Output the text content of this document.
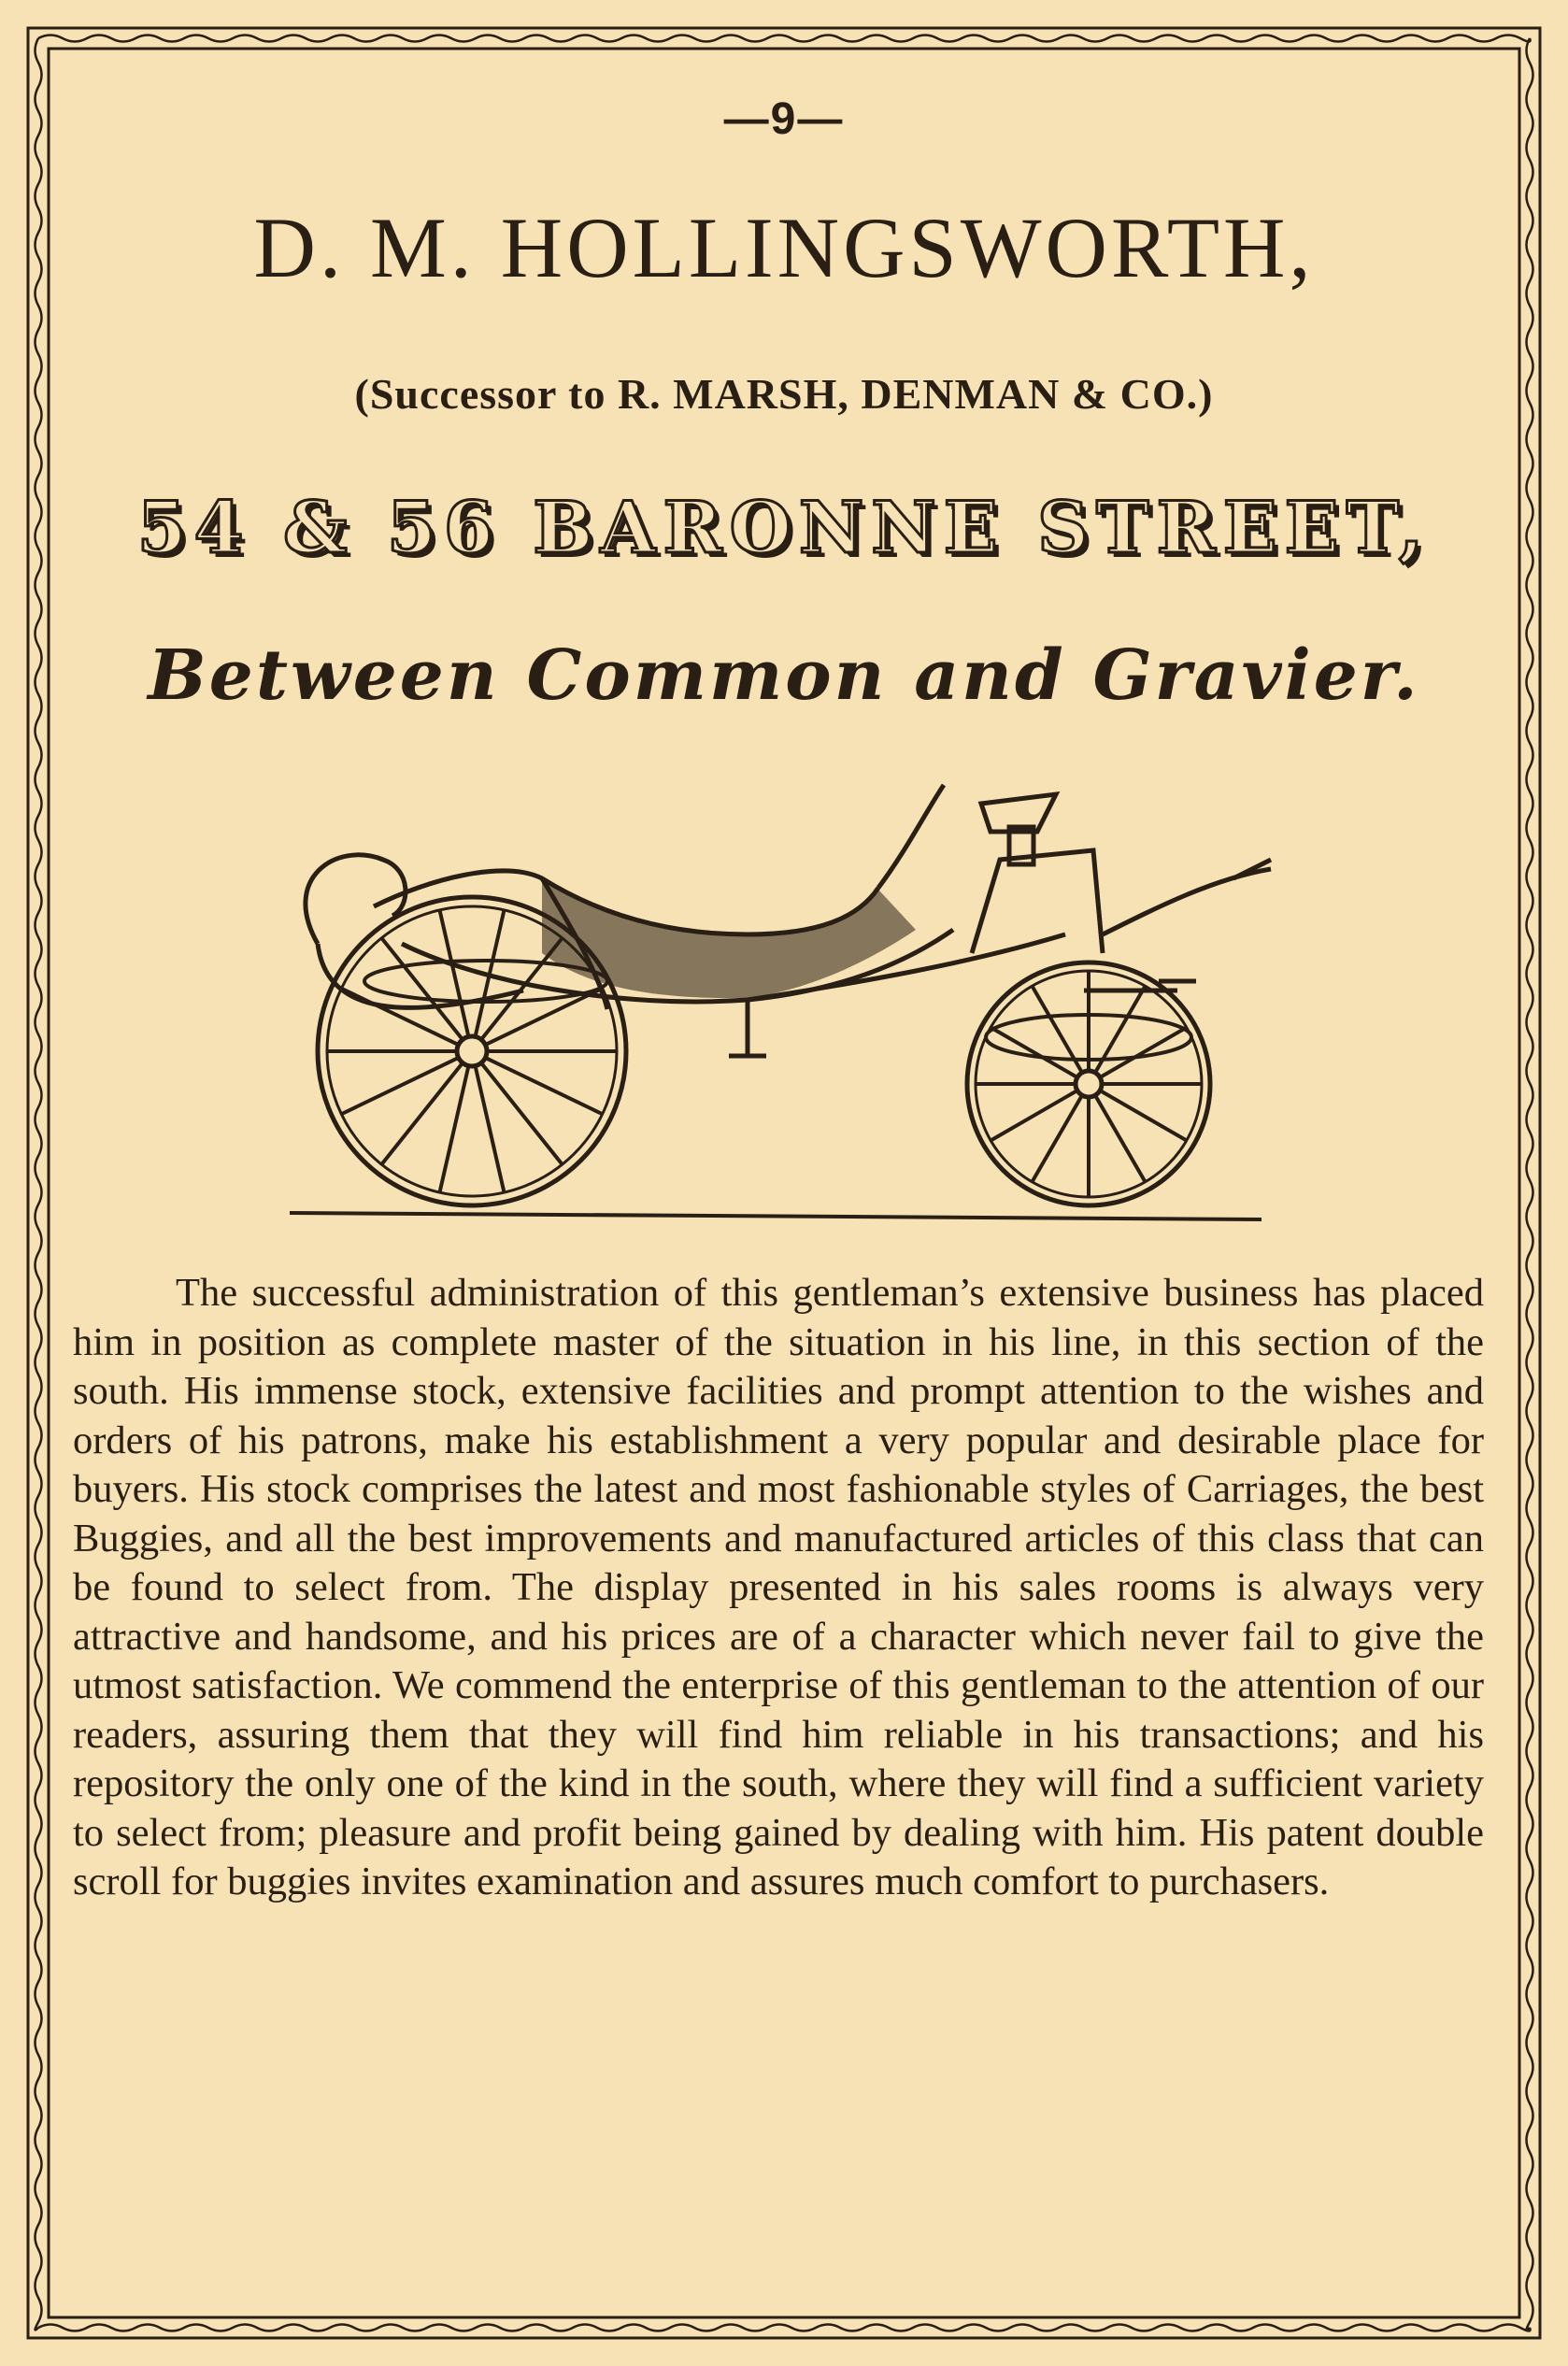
—9—
D. M. HOLLINGSWORTH,
(Successor to R. MARSH, DENMAN & CO.)
54 & 56 BARONNE STREET,
Between Common and Gravier.

The successful administration of this gentleman’s extensive business has placed him in position as complete master of the situation in his line, in this section of the south. His immense stock, extensive facilities and prompt attention to the wishes and orders of his patrons, make his establishment a very popular and desirable place for buyers. His stock comprises the latest and most fashionable styles of Carriages, the best Buggies, and all the best improvements and manufactured articles of this class that can be found to select from. The display presented in his sales rooms is always very attractive and handsome, and his prices are of a character which never fail to give the utmost satisfaction. We commend the enterprise of this gentleman to the attention of our readers, assuring them that they will find him reliable in his transactions; and his repository the only one of the kind in the south, where they will find a sufficient variety to select from; pleasure and profit being gained by dealing with him. His patent double scroll for buggies invites examination and assures much comfort to purchasers.
